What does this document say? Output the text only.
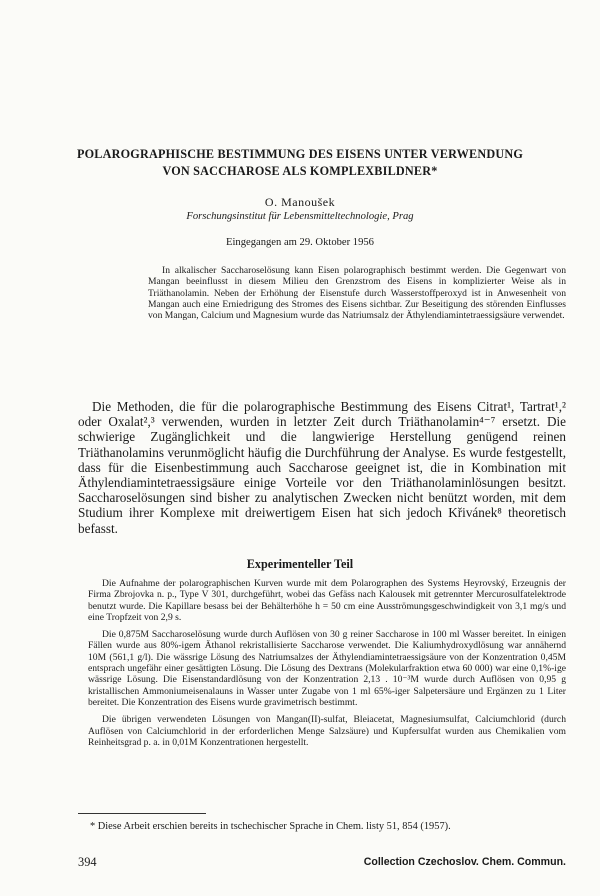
POLAROGRAPHISCHE BESTIMMUNG DES EISENS UNTER VERWENDUNG
VON SACCHAROSE ALS KOMPLEXBILDNER*
O. Manoušek
Forschungsinstitut für Lebensmitteltechnologie, Prag
Eingegangen am 29. Oktober 1956

In alkalischer Saccharoselösung kann Eisen polarographisch bestimmt werden. Die Gegenwart von Mangan beeinflusst in diesem Milieu den Grenzstrom des Eisens in komplizierter Weise als in Triäthanolamin. Neben der Erhöhung der Eisenstufe durch Wasserstoffperoxyd ist in Anwesenheit von Mangan auch eine Erniedrigung des Stromes des Eisens sichtbar. Zur Beseitigung des störenden Einflusses von Mangan, Calcium und Magnesium wurde das Natriumsalz der Äthylendiamintetraessigsäure verwendet.

Die Methoden, die für die polarographische Bestimmung des Eisens Citrat¹, Tartrat¹,² oder Oxalat²,³ verwenden, wurden in letzter Zeit durch Triäthanolamin⁴⁻⁷ ersetzt. Die schwierige Zugänglichkeit und die langwierige Herstellung genügend reinen Triäthanolamins verunmöglicht häufig die Durchführung der Analyse. Es wurde festgestellt, dass für die Eisenbestimmung auch Saccharose geeignet ist, die in Kombination mit Äthylendiamintetraessigsäure einige Vorteile vor den Triäthanolaminlösungen besitzt. Saccharoselösungen sind bisher zu analytischen Zwecken nicht benützt worden, mit dem Studium ihrer Komplexe mit dreiwertigem Eisen hat sich jedoch Křivánek⁸ theoretisch befasst.

Experimenteller Teil

Die Aufnahme der polarographischen Kurven wurde mit dem Polarographen des Systems Heyrovský, Erzeugnis der Firma Zbrojovka n. p., Type V 301, durchgeführt, wobei das Gefäss nach Kalousek mit getrennter Mercurosulfatelektrode benutzt wurde. Die Kapillare besass bei der Behälterhöhe h = 50 cm eine Ausströmungsgeschwindigkeit von 3,1 mg/s und eine Tropfzeit von 2,9 s.

Die 0,875M Saccharoselösung wurde durch Auflösen von 30 g reiner Saccharose in 100 ml Wasser bereitet. In einigen Fällen wurde aus 80%-igem Äthanol rekristallisierte Saccharose verwendet. Die Kaliumhydroxydlösung war annähernd 10M (561,1 g/l). Die wässrige Lösung des Natriumsalzes der Äthylendiamintetraessigsäure von der Konzentration 0,45M entsprach ungefähr einer gesättigten Lösung. Die Lösung des Dextrans (Molekularfraktion etwa 60 000) war eine 0,1%-ige wässrige Lösung. Die Eisenstandardlösung von der Konzentration 2,13 . 10⁻³M wurde durch Auflösen von 0,95 g kristallischen Ammoniumeisenalauns in Wasser unter Zugabe von 1 ml 65%-iger Salpetersäure und Ergänzen zu 1 Liter bereitet. Die Konzentration des Eisens wurde gravimetrisch bestimmt.

Die übrigen verwendeten Lösungen von Mangan(II)-sulfat, Bleiacetat, Magnesiumsulfat, Calciumchlorid (durch Auflösen von Calciumchlorid in der erforderlichen Menge Salzsäure) und Kupfersulfat wurden aus Chemikalien vom Reinheitsgrad p. a. in 0,01M Konzentrationen hergestellt.

* Diese Arbeit erschien bereits in tschechischer Sprache in Chem. listy 51, 854 (1957).
394	Collection Czechoslov. Chem. Commun.
